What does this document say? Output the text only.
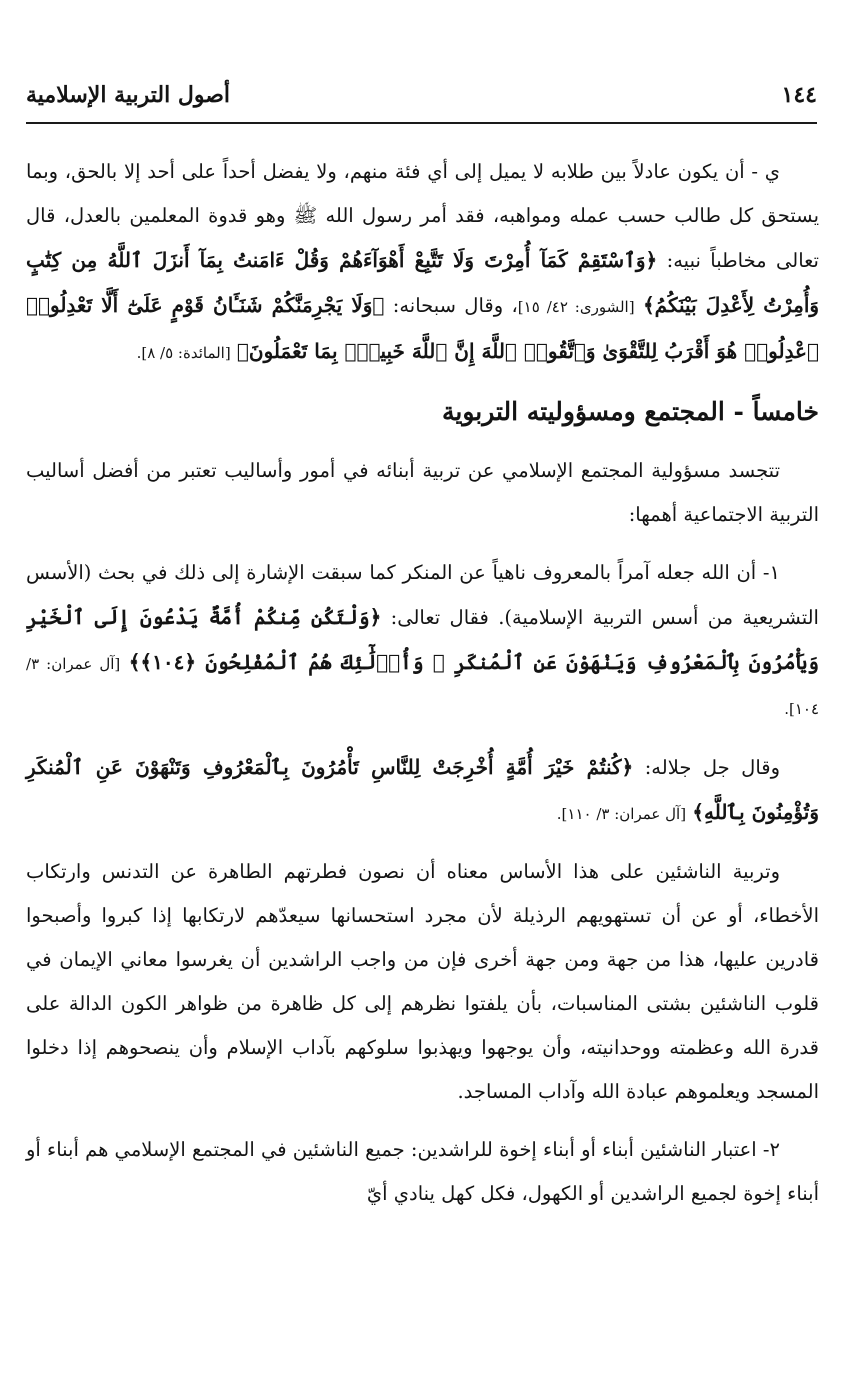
١٤٤
أصول التربية الإسلامية

ي - أن يكون عادلاً بين طلابه لا يميل إلى أي فئة منهم، ولا يفضل أحداً على أحد إلا بالحق، وبما يستحق كل طالب حسب عمله ومواهبه، فقد أمر رسول الله ﷺ وهو قدوة المعلمين بالعدل، قال تعالى مخاطباً نبيه: ﴿وَٱسْتَقِمْ كَمَآ أُمِرْتَ وَلَا تَتَّبِعْ أَهْوَآءَهُمْ وَقُلْ ءَامَنتُ بِمَآ أَنزَلَ ٱللَّهُ مِن كِتَٰبٍ وَأُمِرْتُ لِأَعْدِلَ بَيْنَكُمُ﴾ [الشورى: ٤٢/ ١٥]، وقال سبحانه: ﴿وَلَا يَجْرِمَنَّكُمْ شَنَـَٔانُ قَوْمٍ عَلَىٰٓ أَلَّا تَعْدِلُوا۟ ٱعْدِلُوا۟ هُوَ أَقْرَبُ لِلتَّقْوَىٰ وَٱتَّقُوا۟ ٱللَّهَ إِنَّ ٱللَّهَ خَبِيرٌۢ بِمَا تَعْمَلُونَ﴾ [المائدة: ٥/ ٨].

خامساً - المجتمع ومسؤوليته التربوية

تتجسد مسؤولية المجتمع الإسلامي عن تربية أبنائه في أمور وأساليب تعتبر من أفضل أساليب التربية الاجتماعية أهمها:

١- أن الله جعله آمراً بالمعروف ناهياً عن المنكر كما سبقت الإشارة إلى ذلك في بحث (الأسس التشريعية من أسس التربية الإسلامية). فقال تعالى: ﴿وَلْتَكُن مِّنكُمْ أُمَّةٌ يَدْعُونَ إِلَى ٱلْخَيْرِ وَيَأْمُرُونَ بِٱلْمَعْرُوفِ وَيَنْهَوْنَ عَنِ ٱلْمُنكَرِ ۚ وَأُو۟لَٰٓئِكَ هُمُ ٱلْمُفْلِحُونَ ﴿١٠٤﴾﴾ [آل عمران: ٣/ ١٠٤].

وقال جل جلاله: ﴿كُنتُمْ خَيْرَ أُمَّةٍ أُخْرِجَتْ لِلنَّاسِ تَأْمُرُونَ بِٱلْمَعْرُوفِ وَتَنْهَوْنَ عَنِ ٱلْمُنكَرِ وَتُؤْمِنُونَ بِٱللَّهِ﴾ [آل عمران: ٣/ ١١٠].

وتربية الناشئين على هذا الأساس معناه أن نصون فطرتهم الطاهرة عن التدنس وارتكاب الأخطاء، أو عن أن تستهويهم الرذيلة لأن مجرد استحسانها سيعدّهم لارتكابها إذا كبروا وأصبحوا قادرين عليها، هذا من جهة ومن جهة أخرى فإن من واجب الراشدين أن يغرسوا معاني الإيمان في قلوب الناشئين بشتى المناسبات، بأن يلفتوا نظرهم إلى كل ظاهرة من ظواهر الكون الدالة على قدرة الله وعظمته ووحدانيته، وأن يوجهوا ويهذبوا سلوكهم بآداب الإسلام وأن ينصحوهم إذا دخلوا المسجد ويعلموهم عبادة الله وآداب المساجد.

٢- اعتبار الناشئين أبناء أو أبناء إخوة للراشدين: جميع الناشئين في المجتمع الإسلامي هم أبناء أو أبناء إخوة لجميع الراشدين أو الكهول، فكل كهل ينادي أيّ
